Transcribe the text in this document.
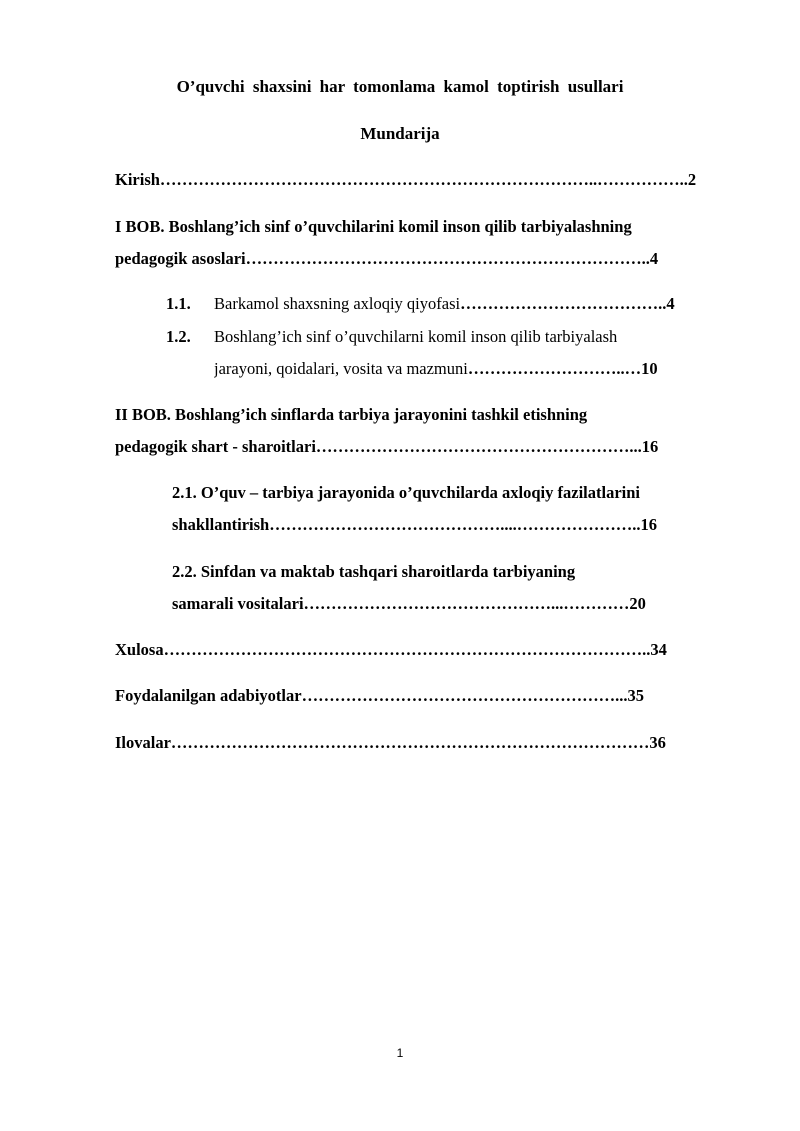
O’quvchi shaxsini har tomonlama kamol toptirish usullari
Mundarija
Kirish……………………………………………………………………..……………..2
I BOB. Boshlang’ich sinf o’quvchilarini komil inson qilib tarbiyalashning
pedagogik asoslari………………………………………………………………..4
1.1. Barkamol shaxsning axloqiy qiyofasi………………………………..4
1.2. Boshlang’ich sinf o’quvchilarni komil inson qilib tarbiyalash
jarayoni, qoidalari, vosita va mazmuni………………………..…10
II BOB. Boshlang’ich sinflarda tarbiya jarayonini tashkil etishning
pedagogik shart - sharoitlari…………………………………………………...16
2.1. O’quv – tarbiya jarayonida o’quvchilarda axloqiy fazilatlarini
shakllantirish……………………………………....…………………..16
2.2. Sinfdan va maktab tashqari sharoitlarda tarbiyaning
samarali vositalari………………………………………...…………20
Xulosa……………………………………………………………………………..34
Foydalanilgan adabiyotlar…………………………………………………...35
Ilovalar……………………………………………………………………………36
1
